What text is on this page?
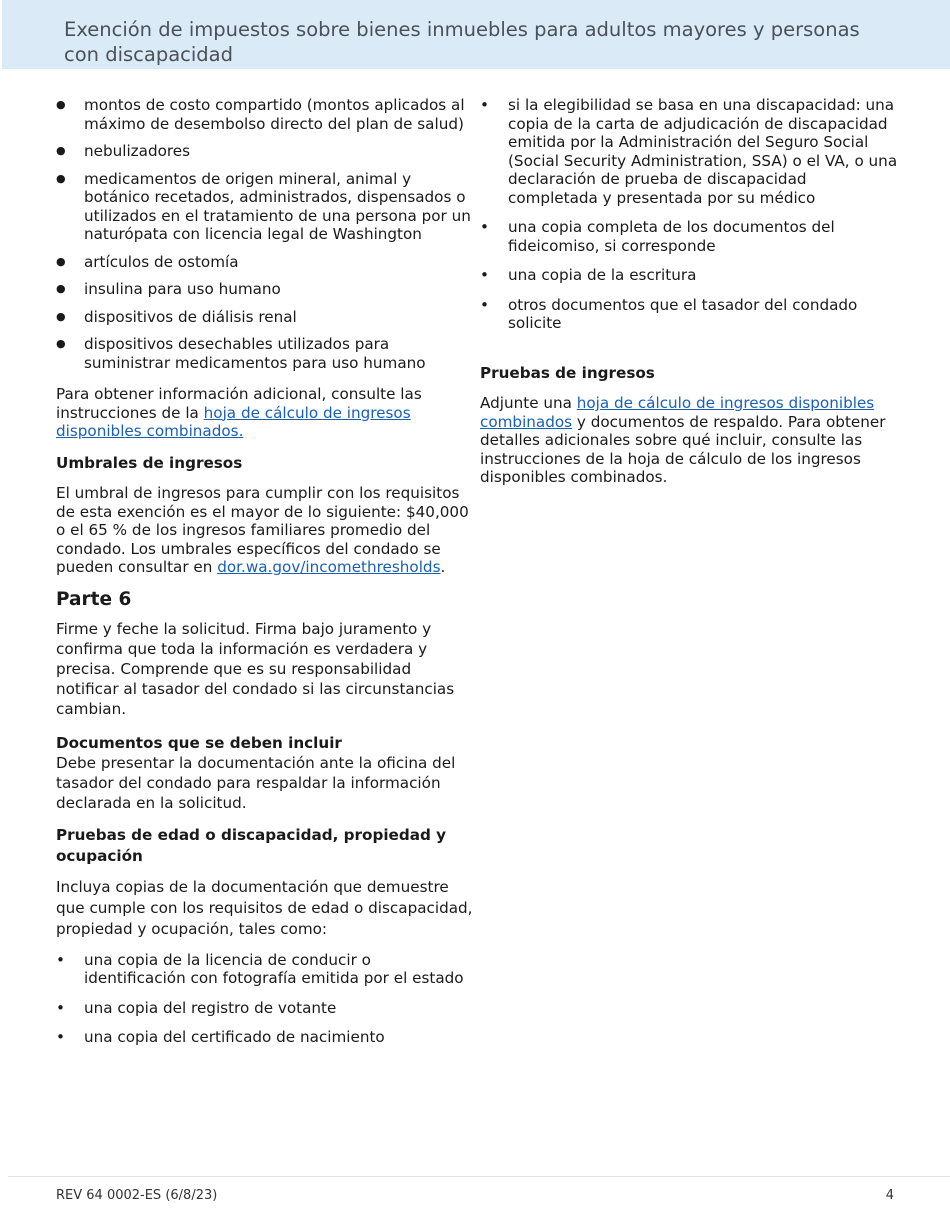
Exención de impuestos sobre bienes inmuebles para adultos mayores y personas con discapacidad
●	montos de costo compartido (montos aplicados al máximo de desembolso directo del plan de salud)
●	nebulizadores
●	medicamentos de origen mineral, animal y botánico recetados, administrados, dispensados o utilizados en el tratamiento de una persona por un naturópata con licencia legal de Washington
●	artículos de ostomía
●	insulina para uso humano
●	dispositivos de diálisis renal
●	dispositivos desechables utilizados para suministrar medicamentos para uso humano

Para obtener información adicional, consulte las instrucciones de la hoja de cálculo de ingresos disponibles combinados.

Umbrales de ingresos

El umbral de ingresos para cumplir con los requisitos de esta exención es el mayor de lo siguiente: $40,000 o el 65 % de los ingresos familiares promedio del condado. Los umbrales específicos del condado se pueden consultar en dor.wa.gov/incomethresholds.

Parte 6

Firme y feche la solicitud. Firma bajo juramento y confirma que toda la información es verdadera y precisa. Comprende que es su responsabilidad notificar al tasador del condado si las circunstancias cambian.

Documentos que se deben incluir
Debe presentar la documentación ante la oficina del tasador del condado para respaldar la información declarada en la solicitud.

Pruebas de edad o discapacidad, propiedad y ocupación

Incluya copias de la documentación que demuestre que cumple con los requisitos de edad o discapacidad, propiedad y ocupación, tales como:

•	una copia de la licencia de conducir o identificación con fotografía emitida por el estado
•	una copia del registro de votante
•	una copia del certificado de nacimiento
•	si la elegibilidad se basa en una discapacidad: una copia de la carta de adjudicación de discapacidad emitida por la Administración del Seguro Social (Social Security Administration, SSA) o el VA, o una declaración de prueba de discapacidad completada y presentada por su médico
•	una copia completa de los documentos del fideicomiso, si corresponde
•	una copia de la escritura
•	otros documentos que el tasador del condado solicite

Pruebas de ingresos

Adjunte una hoja de cálculo de ingresos disponibles combinados y documentos de respaldo. Para obtener detalles adicionales sobre qué incluir, consulte las instrucciones de la hoja de cálculo de los ingresos disponibles combinados.

REV 64 0002-ES (6/8/23)	4
